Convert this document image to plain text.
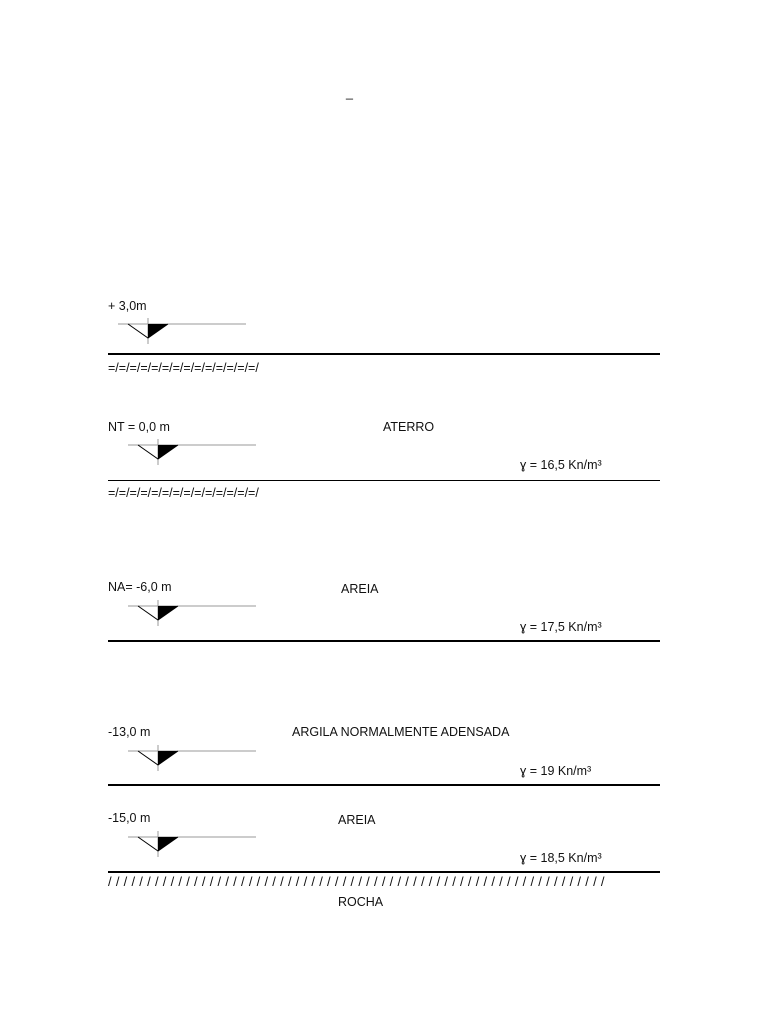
_
+ 3,0m
=/=/=/=/=/=/=/=/=/=/=/=/=/=/
NT = 0,0 m	ATERRO
ɣ = 16,5 Kn/m³
=/=/=/=/=/=/=/=/=/=/=/=/=/=/
NA= -6,0 m	AREIA
ɣ = 17,5 Kn/m³
-13,0 m	ARGILA NORMALMENTE ADENSADA
ɣ = 19 Kn/m³
-15,0 m	AREIA
ɣ = 18,5 Kn/m³
/ / / / / / / / / / / / / / / / / / / / / / / / / / / / / / / / / / / / / / / / / / / / / / / / / / / / / / / / / / / / / / / /
ROCHA
